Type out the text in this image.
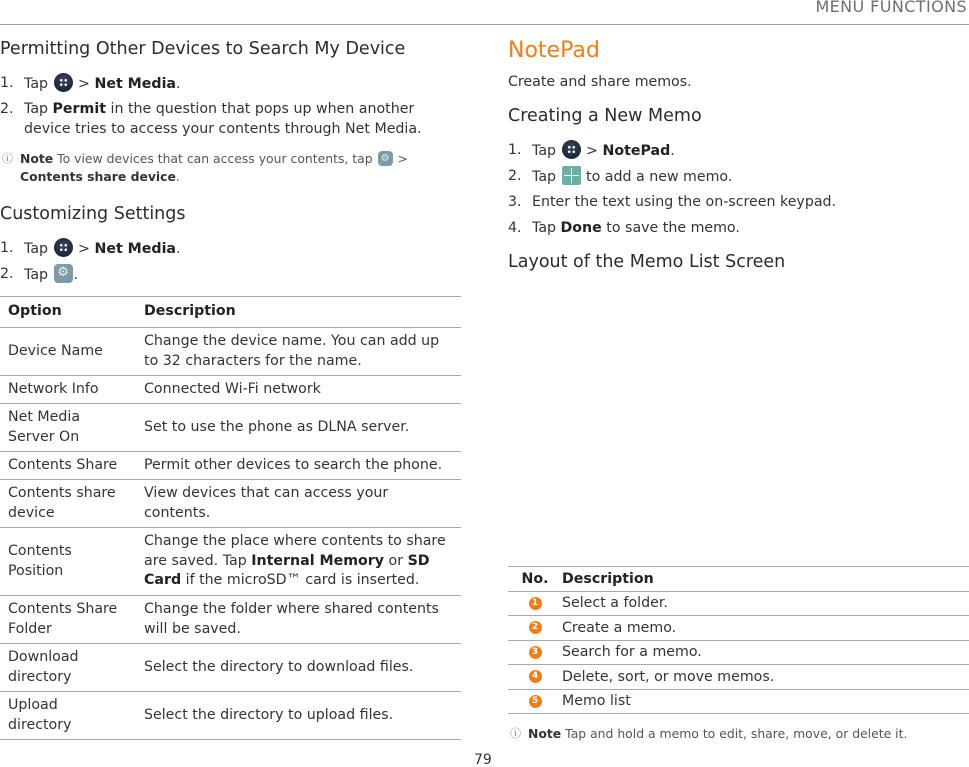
MENU FUNCTIONS
Permitting Other Devices to Search My Device
1. Tap > Net Media.
2. Tap Permit in the question that pops up when another
device tries to access your contents through Net Media.
ⓘ Note To view devices that can access your contents, tap ⚙ >
Contents share device.
Customizing Settings
1. Tap > Net Media.
2. Tap ⚙ .
Option	Description
Device Name	Change the device name. You can add up to 32 characters for the name.
Network Info	Connected Wi-Fi network
Net Media Server On	Set to use the phone as DLNA server.
Contents Share	Permit other devices to search the phone.
Contents share device	View devices that can access your contents.
Contents Position	Change the place where contents to share are saved. Tap Internal Memory or SD Card if the microSD™ card is inserted.
Contents Share Folder	Change the folder where shared contents will be saved.
Download directory	Select the directory to download files.
Upload directory	Select the directory to upload files.
NotePad
Create and share memos.
Creating a New Memo
1. Tap > NotePad.
2. Tap to add a new memo.
3. Enter the text using the on-screen keypad.
4. Tap Done to save the memo.
Layout of the Memo List Screen
No.	Description
1	Select a folder.
2	Create a memo.
3	Search for a memo.
4	Delete, sort, or move memos.
5	Memo list
ⓘ Note Tap and hold a memo to edit, share, move, or delete it.
79
